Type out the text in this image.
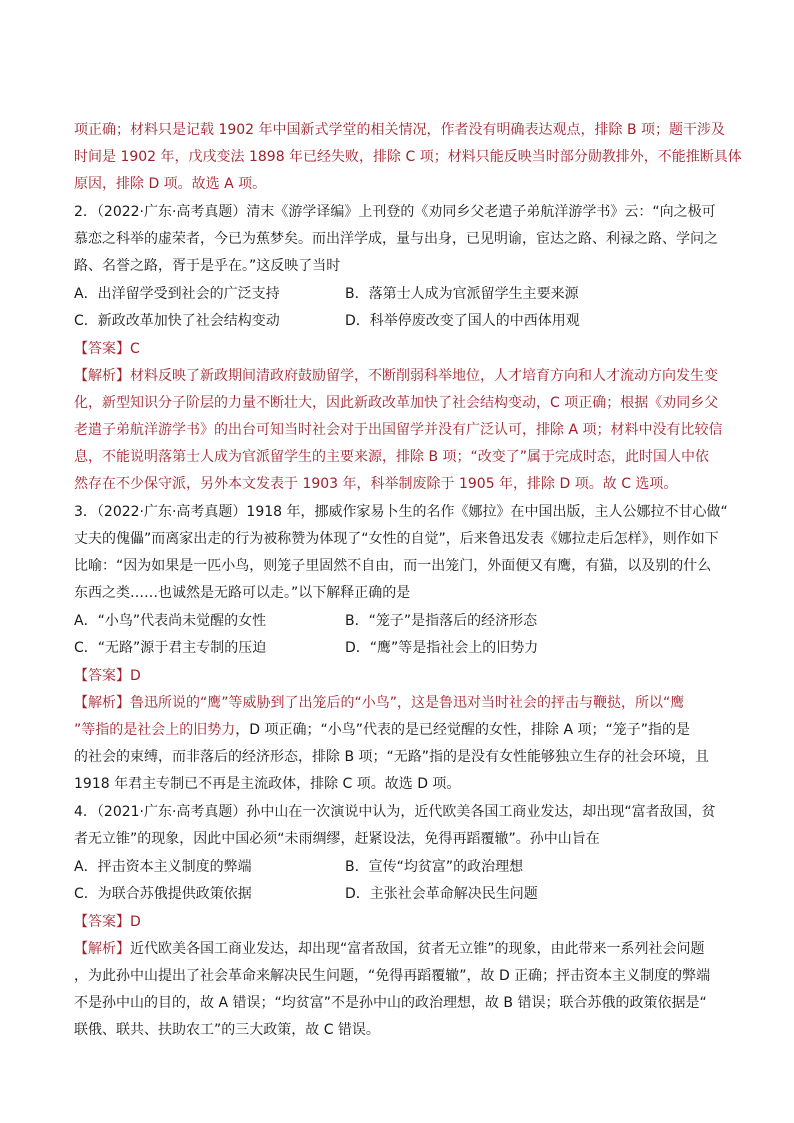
项正确；材料只是记载 1902 年中国新式学堂的相关情况，作者没有明确表达观点，排除 B 项；题干涉及
时间是 1902 年，戊戌变法 1898 年已经失败，排除 C 项；材料只能反映当时部分勋教排外，不能推断具体
原因，排除 D 项。故选 A 项。
2．（2022·广东·高考真题）清末《游学译编》上刊登的《劝同乡父老遣子弟航洋游学书》云：“向之极可
慕恋之科举的虚荣者，今已为蕉梦矣。而出洋学成，量与出身，已见明谕，宦达之路、利禄之路、学问之
路、名誉之路，胥于是乎在。”这反映了当时
A．出洋留学受到社会的广泛支持	B．落第士人成为官派留学生主要来源
C．新政改革加快了社会结构变动	D．科举停废改变了国人的中西体用观
【答案】C
【解析】材料反映了新政期间清政府鼓励留学，不断削弱科举地位，人才培育方向和人才流动方向发生变
化，新型知识分子阶层的力量不断壮大，因此新政改革加快了社会结构变动，C 项正确；根据《劝同乡父
老遣子弟航洋游学书》的出台可知当时社会对于出国留学并没有广泛认可，排除 A 项；材料中没有比较信
息，不能说明落第士人成为官派留学生的主要来源，排除 B 项；“改变了”属于完成时态，此时国人中依
然存在不少保守派，另外本文发表于 1903 年，科举制废除于 1905 年，排除 D 项。故 C 选项。
3．（2022·广东·高考真题）1918 年，挪威作家易卜生的名作《娜拉》在中国出版，主人公娜拉不甘心做“
丈夫的傀儡”而离家出走的行为被称赞为体现了“女性的自觉”，后来鲁迅发表《娜拉走后怎样》，则作如下
比喻：“因为如果是一匹小鸟，则笼子里固然不自由，而一出笼门，外面便又有鹰，有猫，以及别的什么
东西之类……也诚然是无路可以走。”以下解释正确的是
A．“小鸟”代表尚未觉醒的女性	B．“笼子”是指落后的经济形态
C．“无路”源于君主专制的压迫	D．“鹰”等是指社会上的旧势力
【答案】D
【解析】鲁迅所说的“鹰”等威胁到了出笼后的“小鸟”，这是鲁迅对当时社会的抨击与鞭挞，所以“鹰
”等指的是社会上的旧势力，D 项正确；“小鸟”代表的是已经觉醒的女性，排除 A 项；“笼子”指的是
的社会的束缚，而非落后的经济形态，排除 B 项；“无路”指的是没有女性能够独立生存的社会环境，且
1918 年君主专制已不再是主流政体，排除 C 项。故选 D 项。
4．（2021·广东·高考真题）孙中山在一次演说中认为，近代欧美各国工商业发达，却出现“富者敌国，贫
者无立锥”的现象，因此中国必须“未雨绸缪，赶紧设法，免得再蹈覆辙”。孙中山旨在
A．抨击资本主义制度的弊端	B．宣传“均贫富”的政治理想
C．为联合苏俄提供政策依据	D．主张社会革命解决民生问题
【答案】D
【解析】近代欧美各国工商业发达，却出现“富者敌国，贫者无立锥”的现象，由此带来一系列社会问题
，为此孙中山提出了社会革命来解决民生问题，“免得再蹈覆辙”，故 D 正确；抨击资本主义制度的弊端
不是孙中山的目的，故 A 错误；“均贫富”不是孙中山的政治理想，故 B 错误；联合苏俄的政策依据是“
联俄、联共、扶助农工”的三大政策，故 C 错误。
